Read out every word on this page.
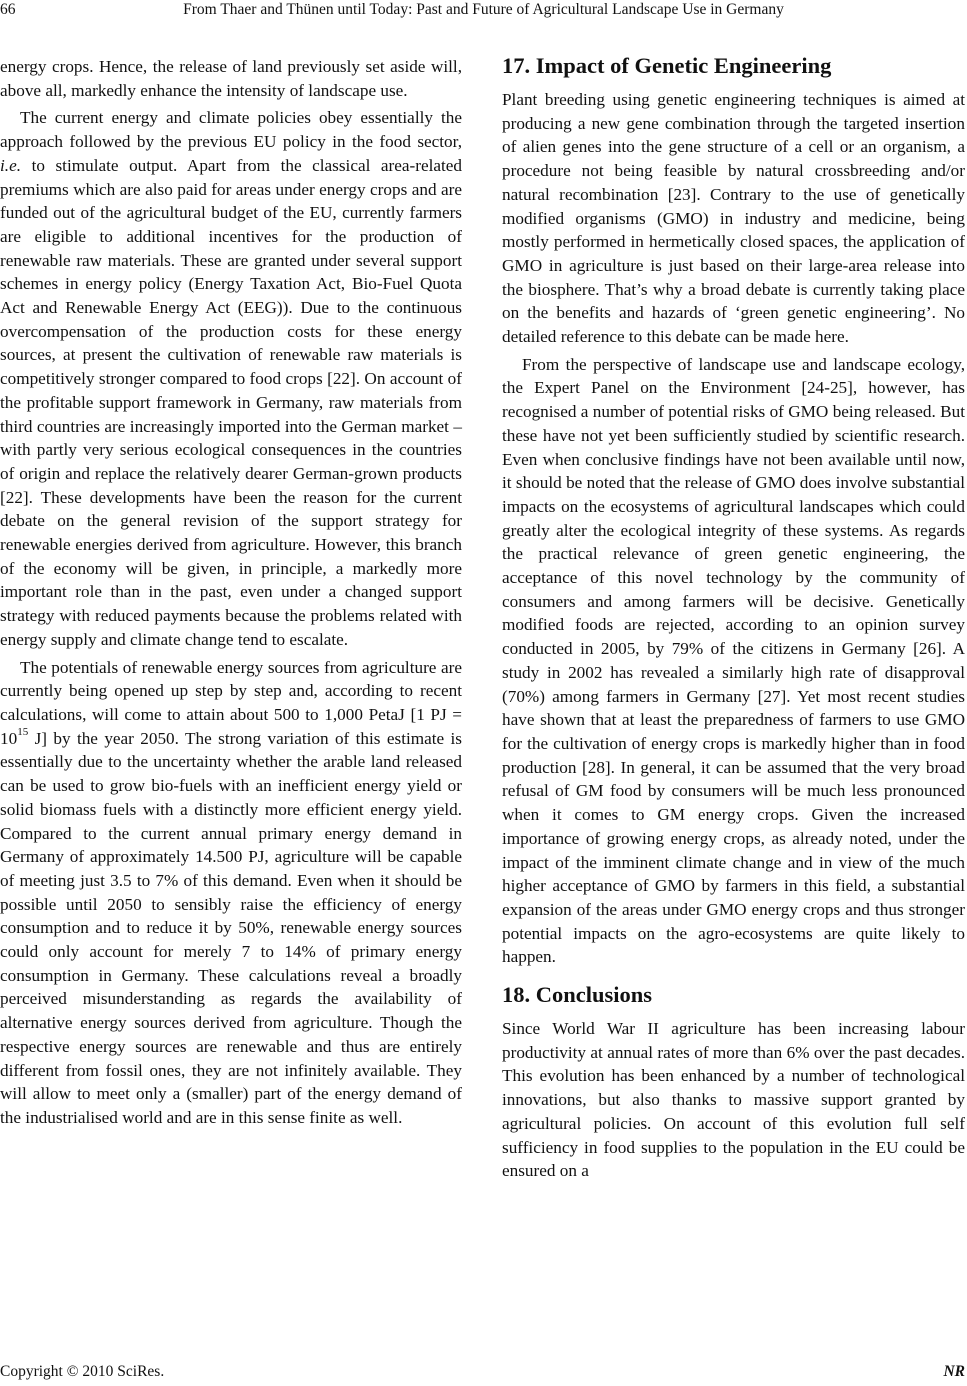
66	From Thaer and Thünen until Today: Past and Future of Agricultural Landscape Use in Germany

energy crops. Hence, the release of land previously set aside will, above all, markedly enhance the intensity of landscape use.

The current energy and climate policies obey essentially the approach followed by the previous EU policy in the food sector, i.e. to stimulate output. Apart from the classical area-related premiums which are also paid for areas under energy crops and are funded out of the agricultural budget of the EU, currently farmers are eligible to additional incentives for the production of renewable raw materials. These are granted under several support schemes in energy policy (Energy Taxation Act, Bio-Fuel Quota Act and Renewable Energy Act (EEG)). Due to the continuous overcompensation of the production costs for these energy sources, at present the cultivation of renewable raw materials is competitively stronger compared to food crops [22]. On account of the profitable support framework in Germany, raw materials from third countries are increasingly imported into the German market – with partly very serious ecological consequences in the countries of origin and replace the relatively dearer German-grown products [22]. These developments have been the reason for the current debate on the general revision of the support strategy for renewable energies derived from agriculture. However, this branch of the economy will be given, in principle, a markedly more important role than in the past, even under a changed support strategy with reduced payments because the problems related with energy supply and climate change tend to escalate.

The potentials of renewable energy sources from agriculture are currently being opened up step by step and, according to recent calculations, will come to attain about 500 to 1,000 PetaJ [1 PJ = $10^{15}$ J] by the year 2050. The strong variation of this estimate is essentially due to the uncertainty whether the arable land released can be used to grow bio-fuels with an inefficient energy yield or solid biomass fuels with a distinctly more efficient energy yield. Compared to the current annual primary energy demand in Germany of approximately 14.500 PJ, agriculture will be capable of meeting just 3.5 to 7% of this demand. Even when it should be possible until 2050 to sensibly raise the efficiency of energy consumption and to reduce it by 50%, renewable energy sources could only account for merely 7 to 14% of primary energy consumption in Germany. These calculations reveal a broadly perceived misunderstanding as regards the availability of alternative energy sources derived from agriculture. Though the respective energy sources are renewable and thus are entirely different from fossil ones, they are not infinitely available. They will allow to meet only a (smaller) part of the energy demand of the industrialised world and are in this sense finite as well.

17. Impact of Genetic Engineering

Plant breeding using genetic engineering techniques is aimed at producing a new gene combination through the targeted insertion of alien genes into the gene structure of a cell or an organism, a procedure not being feasible by natural crossbreeding and/or natural recombination [23]. Contrary to the use of genetically modified organisms (GMO) in industry and medicine, being mostly performed in hermetically closed spaces, the application of GMO in agriculture is just based on their large-area release into the biosphere. That’s why a broad debate is currently taking place on the benefits and hazards of ‘green genetic engineering’. No detailed reference to this debate can be made here.

From the perspective of landscape use and landscape ecology, the Expert Panel on the Environment [24-25], however, has recognised a number of potential risks of GMO being released. But these have not yet been sufficiently studied by scientific research. Even when conclusive findings have not been available until now, it should be noted that the release of GMO does involve substantial impacts on the ecosystems of agricultural landscapes which could greatly alter the ecological integrity of these systems. As regards the practical relevance of green genetic engineering, the acceptance of this novel technology by the community of consumers and among farmers will be decisive. Genetically modified foods are rejected, according to an opinion survey conducted in 2005, by 79% of the citizens in Germany [26]. A study in 2002 has revealed a similarly high rate of disapproval (70%) among farmers in Germany [27]. Yet most recent studies have shown that at least the preparedness of farmers to use GMO for the cultivation of energy crops is markedly higher than in food production [28]. In general, it can be assumed that the very broad refusal of GM food by consumers will be much less pronounced when it comes to GM energy crops. Given the increased importance of growing energy crops, as already noted, under the impact of the imminent climate change and in view of the much higher acceptance of GMO by farmers in this field, a substantial expansion of the areas under GMO energy crops and thus stronger potential impacts on the agro-ecosystems are quite likely to happen.

18. Conclusions

Since World War II agriculture has been increasing labour productivity at annual rates of more than 6% over the past decades. This evolution has been enhanced by a number of technological innovations, but also thanks to massive support granted by agricultural policies. On account of this evolution full self sufficiency in food supplies to the population in the EU could be ensured on a

Copyright © 2010 SciRes.	NR
